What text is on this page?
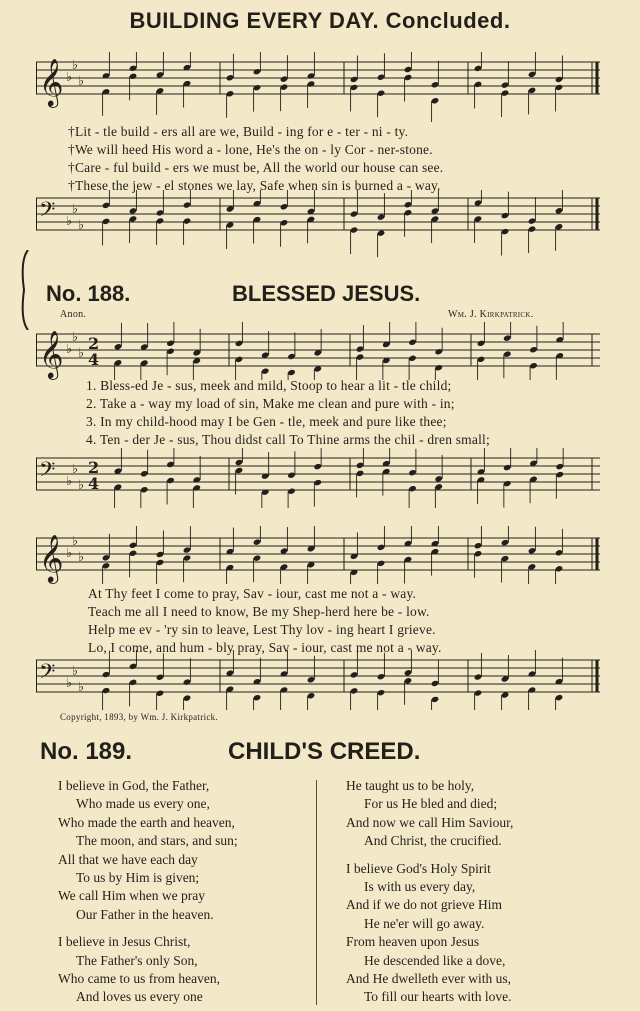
BUILDING EVERY DAY. Concluded.
𝄞 ♭
♭
♭
†Lit - tle build - ers all are we, Build - ing for e - ter - ni - ty.
†We will heed His word a - lone, He's the on - ly Cor - ner-stone.
†Care - ful build - ers we must be, All the world our house can see.
†These the jew - el stones we lay, Safe when sin is burned a - way.
𝄢 ♭
♭
♭
No. 188.	BLESSED JESUS.
Anon.	Wm. J. Kirkpatrick.
𝄞 ♭
♭
♭
2
4
1. Bless-ed Je - sus, meek and mild, Stoop to hear a lit - tle child;
2. Take a - way my load of sin, Make me clean and pure with - in;
3. In my child-hood may I be Gen - tle, meek and pure like thee;
4. Ten - der Je - sus, Thou didst call To Thine arms the chil - dren small;
𝄢 ♭
♭
♭
2
4
𝄞 ♭
♭
♭
At Thy feet I come to pray, Sav - iour, cast me not a - way.
Teach me all I need to know, Be my Shep-herd here be - low.
Help me ev - 'ry sin to leave, Lest Thy lov - ing heart I grieve.
Lo, I come, and hum - bly pray, Sav - iour, cast me not a - way.
𝄢 ♭
♭
♭
Copyright, 1893, by Wm. J. Kirkpatrick.
No. 189.	CHILD'S CREED.

I believe in God, the Father,

Who made us every one,

Who made the earth and heaven,

The moon, and stars, and sun;

All that we have each day

To us by Him is given;

We call Him when we pray

Our Father in the heaven.

I believe in Jesus Christ,

The Father's only Son,

Who came to us from heaven,

And loves us every one

He taught us to be holy,

For us He bled and died;

And now we call Him Saviour,

And Christ, the crucified.

I believe God's Holy Spirit

Is with us every day,

And if we do not grieve Him

He ne'er will go away.

From heaven upon Jesus

He descended like a dove,

And He dwelleth ever with us,

To fill our hearts with love.
